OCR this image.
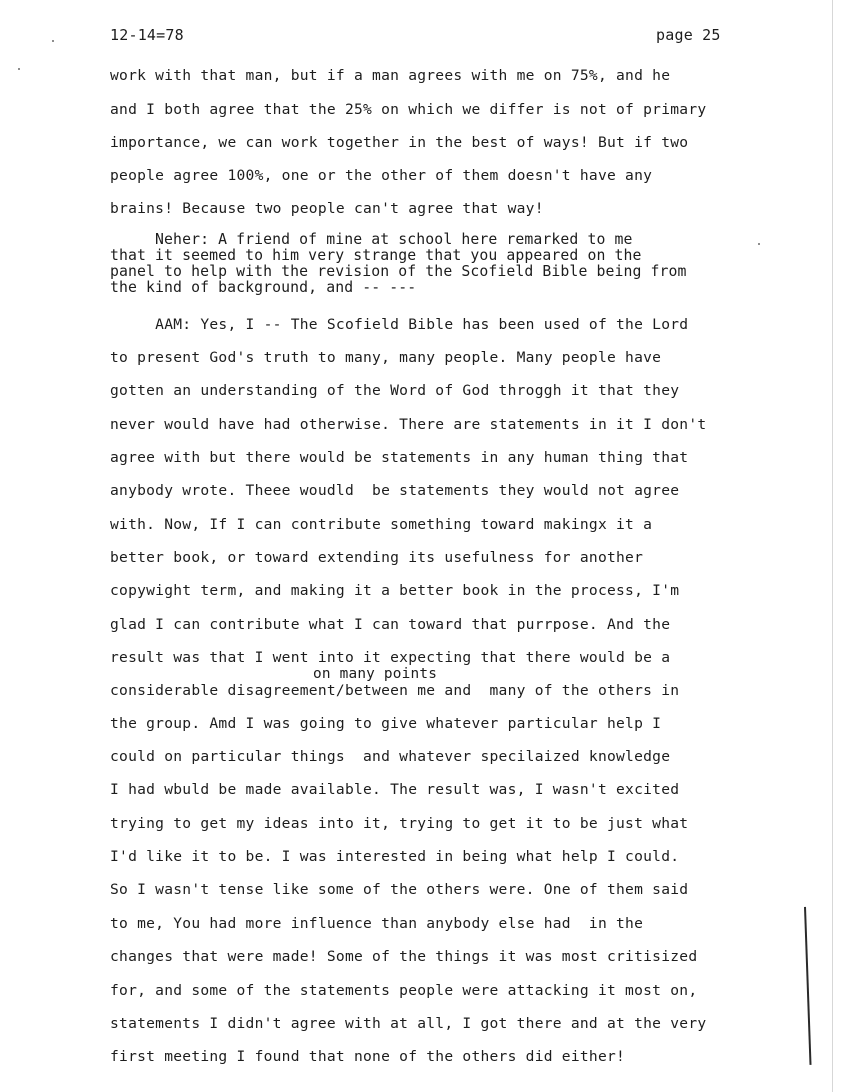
12-14=78	page 25
work with that man, but if a man agrees with me on 75%, and he
and I both agree that the 25% on which we differ is not of primary
importance, we can work together in the best of ways! But if two
people agree 100%, one or the other of them doesn't have any
brains! Because two people can't agree that way!
Neher: A friend of mine at school here remarked to me
that it seemed to him very strange that you appeared on the
panel to help with the revision of the Scofield Bible being from
the kind of background, and -- ---
AAM: Yes, I -- The Scofield Bible has been used of the Lord
to present God's truth to many, many people. Many people have
gotten an understanding of the Word of God throggh it that they
never would have had otherwise. There are statements in it I don't
agree with but there would be statements in any human thing that
anybody wrote. Theee woudld  be statements they would not agree
with. Now, If I can contribute something toward makingx it a
better book, or toward extending its usefulness for another
copywight term, and making it a better book in the process, I'm
glad I can contribute what I can toward that purrpose. And the
result was that I went into it expecting that there would be a
on many points
considerable disagreement/between me and  many of the others in
the group. Amd I was going to give whatever particular help I
could on particular things  and whatever specilaized knowledge
I had wbuld be made available. The result was, I wasn't excited
trying to get my ideas into it, trying to get it to be just what
I'd like it to be. I was interested in being what help I could.
So I wasn't tense like some of the others were. One of them said
to me, You had more influence than anybody else had  in the
changes that were made! Some of the things it was most critisized
for, and some of the statements people were attacking it most on,
statements I didn't agree with at all, I got there and at the very
first meeting I found that none of the others did either!
